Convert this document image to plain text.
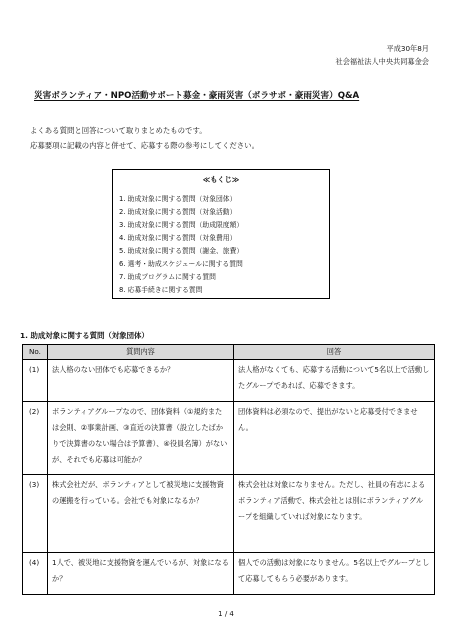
平成30年8月
社会福祉法人中央共同募金会
災害ボランティア・NPO活動サポート募金・豪雨災害（ボラサポ・豪雨災害）Q&A
よくある質問と回答について取りまとめたものです。
応募要項に記載の内容と併せて、応募する際の参考にしてください。
≪もくじ≫
1. 助成対象に関する質問（対象団体）
2. 助成対象に関する質問（対象活動）
3. 助成対象に関する質問（助成限度額）
4. 助成対象に関する質問（対象費用）
5. 助成対象に関する質問（謝金、旅費）
6. 選考・助成スケジュールに関する質問
7. 助成プログラムに関する質問
8. 応募手続きに関する質問
1. 助成対象に関する質問（対象団体）
No.	質問内容	回答
(1)	法人格のない団体でも応募できるか？	法人格がなくても、応募する活動について5名以上で活動したグループであれば、応募できます。
(2)	ボランティアグループなので、団体資料（①規約または会則、②事業計画、③直近の決算書（設立したばかりで決算書のない場合は予算書）、④役員名簿）がないが、それでも応募は可能か？	団体資料は必須なので、提出がないと応募受付できません。
(3)	株式会社だが、ボランティアとして被災地に支援物資の運搬を行っている。会社でも対象になるか？	株式会社は対象になりません。ただし、社員の有志によるボランティア活動で、株式会社とは別にボランティアグループを組織していれば対象になります。
(4)	1人で、被災地に支援物資を運んでいるが、対象になるか？	個人での活動は対象になりません。5名以上でグループとして応募してもらう必要があります。
1 / 4
